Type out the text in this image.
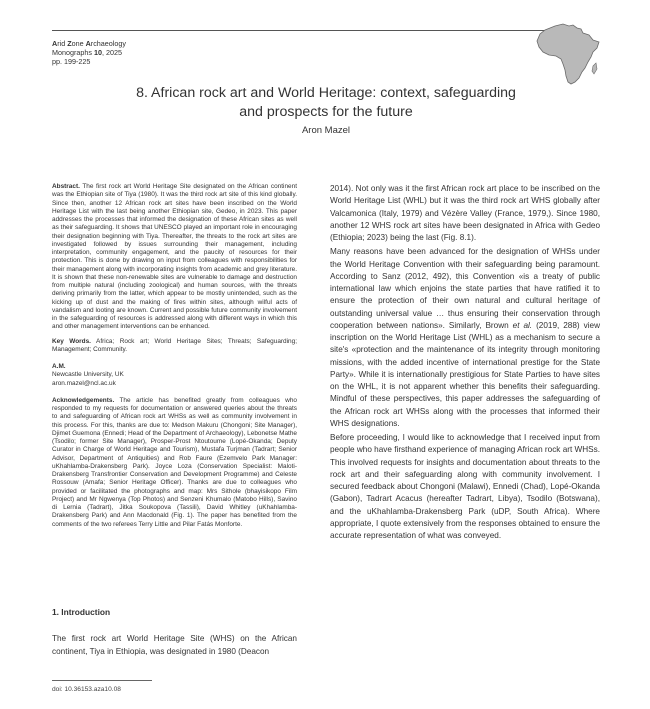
Arid Zone Archaeology
Monographs 10, 2025
pp. 199-225
8. African rock art and World Heritage: context, safeguarding
and prospects for the future
Aron Mazel

Abstract. The first rock art World Heritage Site designated on the African continent was the Ethiopian site of Tiya (1980). It was the third rock art site of this kind globally. Since then, another 12 African rock art sites have been inscribed on the World Heritage List with the last being another Ethiopian site, Gedeo, in 2023. This paper addresses the processes that informed the designation of these African sites as well as their safeguarding. It shows that UNESCO played an important role in encouraging their designation beginning with Tiya. Thereafter, the threats to the rock art sites are investigated followed by issues surrounding their management, including interpretation, community engagement, and the paucity of resources for their protection. This is done by drawing on input from colleagues with responsibilities for their management along with incorporating insights from academic and grey literature. It is shown that these non-renewable sites are vulnerable to damage and destruction from multiple natural (including zoological) and human sources, with the threats deriving primarily from the latter, which appear to be mostly unintended, such as the kicking up of dust and the making of fires within sites, although wilful acts of vandalism and looting are known. Current and possible future community involvement in the safeguarding of resources is addressed along with different ways in which this and other management interventions can be enhanced.

Key Words. Africa; Rock art; World Heritage Sites; Threats; Safeguarding; Management; Community.

A.M.
Newcastle University, UK
aron.mazel@ncl.ac.uk

Acknowledgements. The article has benefited greatly from colleagues who responded to my requests for documentation or answered queries about the threats to and safeguarding of African rock art WHSs as well as community involvement in this process. For this, thanks are due to: Medson Makuru (Chongoni; Site Manager), Djimet Guemona (Ennedi; Head of the Department of Archaeology), Lebonetse Mathe (Tsodilo; former Site Manager), Prosper-Prost Ntoutoume (Lopé-Okanda; Deputy Curator in Charge of World Heritage and Tourism), Mustafa Turjman (Tadrart; Senior Advisor, Department of Antiquities) and Rob Faure (Ezemvelo Park Manager: uKhahlamba-Drakensberg Park). Joyce Loza (Conservation Specialist: Maloti-Drakensberg Transfrontier Conservation and Development Programme) and Celeste Rossouw (Amafa; Senior Heritage Officer). Thanks are due to colleagues who provided or facilitated the photographs and map: Mrs Sithole (bhayisikopo Film Project) and Mr Ngwenya (Top Photos) and Senzeni Khumalo (Matobo Hills), Savino di Lernia (Tadrart), Jitka Soukopova (Tassili), David Whitley (uKhahlamba-Drakensberg Park) and Ann Macdonald (Fig. 1). The paper has benefited from the comments of the two referees Terry Little and Pilar Fatás Monforte.

1. Introduction
The first rock art World Heritage Site (WHS) on the African continent, Tiya in Ethiopia, was designated in 1980 (Deacon

2014). Not only was it the first African rock art place to be inscribed on the World Heritage List (WHL) but it was the third rock art WHS globally after Valcamonica (Italy, 1979) and Vézère Valley (France, 1979,). Since 1980, another 12 WHS rock art sites have been designated in Africa with Gedeo (Ethiopia; 2023) being the last (Fig. 8.1).

Many reasons have been advanced for the designation of WHSs under the World Heritage Convention with their safeguarding being paramount. According to Sanz (2012, 492), this Convention «is a treaty of public international law which enjoins the state parties that have ratified it to ensure the protection of their own natural and cultural heritage of outstanding universal value … thus ensuring their conservation through cooperation between nations». Similarly, Brown et al. (2019, 288) view inscription on the World Heritage List (WHL) as a mechanism to secure a site's «protection and the maintenance of its integrity through monitoring missions, with the added incentive of international prestige for the State Party». While it is internationally prestigious for State Parties to have sites on the WHL, it is not apparent whether this benefits their safeguarding. Mindful of these perspectives, this paper addresses the safeguarding of the African rock art WHSs along with the processes that informed their WHS designations.

Before proceeding, I would like to acknowledge that I received input from people who have firsthand experience of managing African rock art WHSs. This involved requests for insights and documentation about threats to the rock art and their safeguarding along with community involvement. I secured feedback about Chongoni (Malawi), Ennedi (Chad), Lopé-Okanda (Gabon), Tadrart Acacus (hereafter Tadrart, Libya), Tsodilo (Botswana), and the uKhahlamba-Drakensberg Park (uDP, South Africa). Where appropriate, I quote extensively from the responses obtained to ensure the accurate representation of what was conveyed.

doi: 10.36153.aza10.08
